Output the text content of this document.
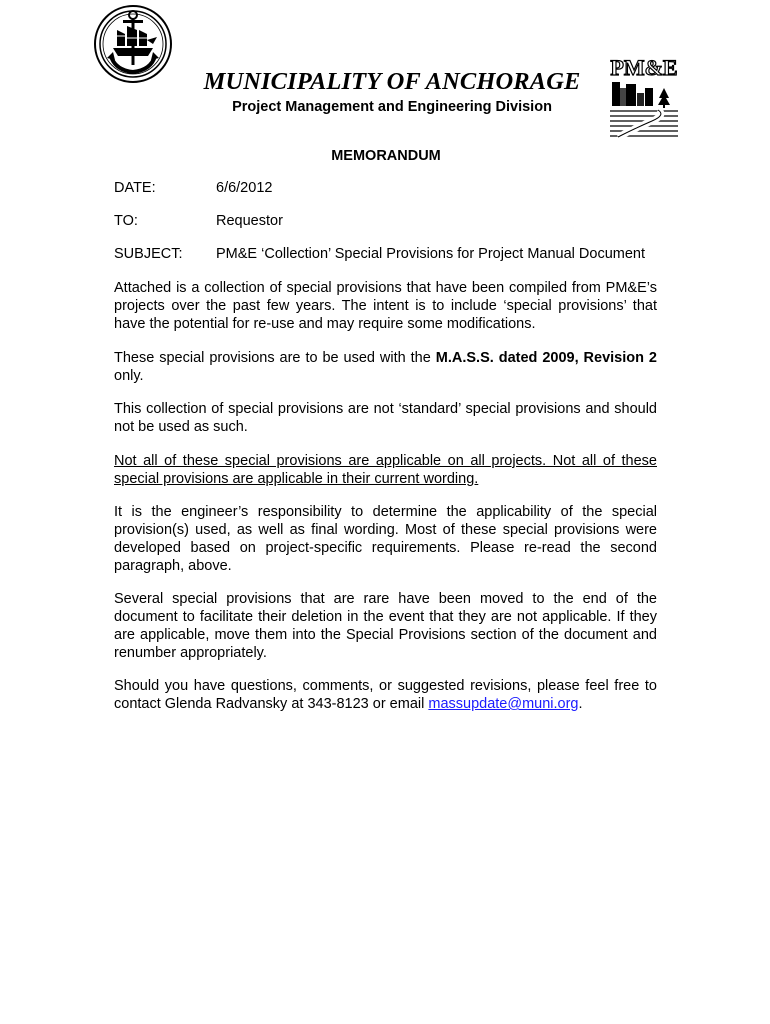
PM&E
MUNICIPALITY OF ANCHORAGE
Project Management and Engineering Division
MEMORANDUM
DATE:	6/6/2012
TO:	Requestor
SUBJECT: PM&E ‘Collection’ Special Provisions for Project Manual Document

Attached is a collection of special provisions that have been compiled from PM&E’s projects over the past few years. The intent is to include ‘special provisions’ that have the potential for re-use and may require some modifications.

These special provisions are to be used with the M.A.S.S. dated 2009, Revision 2 only.

This collection of special provisions are not ‘standard’ special provisions and should not be used as such.

Not all of these special provisions are applicable on all projects. Not all of these special provisions are applicable in their current wording.

It is the engineer’s responsibility to determine the applicability of the special provision(s) used, as well as final wording. Most of these special provisions were developed based on project-specific requirements. Please re-read the second paragraph, above.

Several special provisions that are rare have been moved to the end of the document to facilitate their deletion in the event that they are not applicable. If they are applicable, move them into the Special Provisions section of the document and renumber appropriately.

Should you have questions, comments, or suggested revisions, please feel free to contact Glenda Radvansky at 343-8123 or email massupdate@muni.org.
